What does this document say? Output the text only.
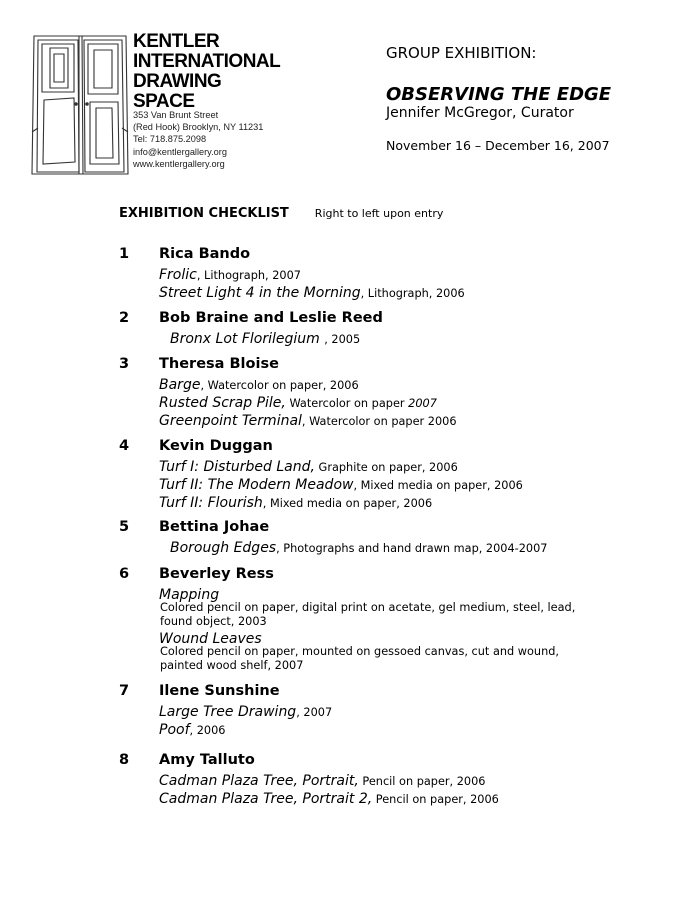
KENTLER
INTERNATIONAL
DRAWING
SPACE
353 Van Brunt Street
(Red Hook) Brooklyn, NY 11231
Tel: 718.875.2098
info@kentlergallery.org
www.kentlergallery.org
GROUP EXHIBITION:
OBSERVING THE EDGE
Jennifer McGregor, Curator
November 16 – December 16, 2007
EXHIBITION CHECKLIST Right to left upon entry
1 Rica Bando
Frolic, Lithograph, 2007
Street Light 4 in the Morning, Lithograph, 2006
2 Bob Braine and Leslie Reed
Bronx Lot Florilegium , 2005
3 Theresa Bloise
Barge, Watercolor on paper, 2006
Rusted Scrap Pile, Watercolor on paper 2007
Greenpoint Terminal, Watercolor on paper 2006
4 Kevin Duggan
Turf I: Disturbed Land, Graphite on paper, 2006
Turf II: The Modern Meadow, Mixed media on paper, 2006
Turf II: Flourish, Mixed media on paper, 2006
5 Bettina Johae
Borough Edges, Photographs and hand drawn map, 2004-2007
6 Beverley Ress
Mapping
Colored pencil on paper, digital print on acetate, gel medium, steel, lead,
found object, 2003
Wound Leaves
Colored pencil on paper, mounted on gessoed canvas, cut and wound,
painted wood shelf, 2007
7 Ilene Sunshine
Large Tree Drawing, 2007
Poof, 2006
8 Amy Talluto
Cadman Plaza Tree, Portrait, Pencil on paper, 2006
Cadman Plaza Tree, Portrait 2, Pencil on paper, 2006
